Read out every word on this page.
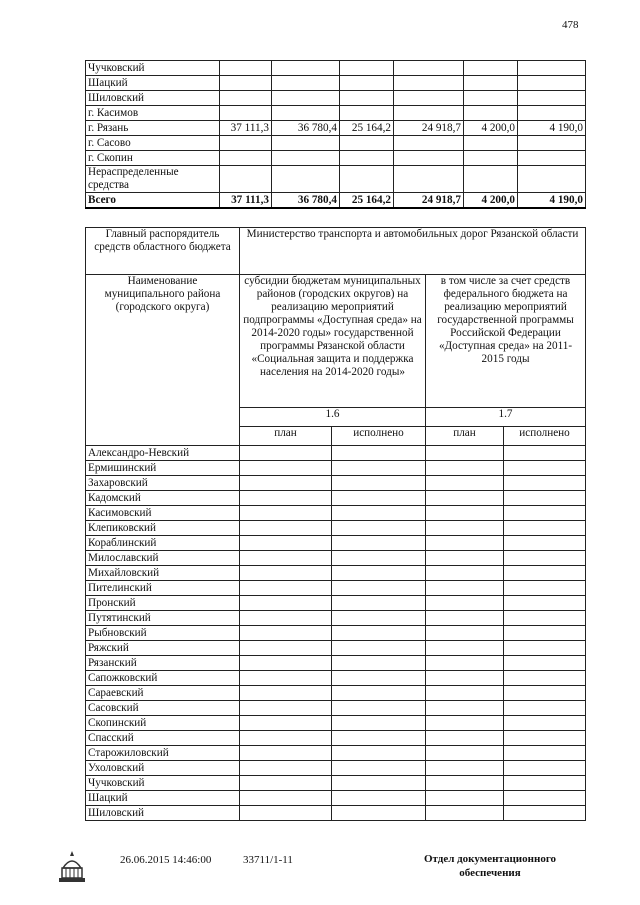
478
Чучковский						
Шацкий						
Шиловский						
г. Касимов						
г. Рязань	37 111,3	36 780,4	25 164,2	24 918,7	4 200,0	4 190,0
г. Сасово						
г. Скопин						
Нераспределенные средства						
Всего	37 111,3	36 780,4	25 164,2	24 918,7	4 200,0	4 190,0
Главный распорядитель средств областного бюджета	Министерство транспорта и автомобильных дорог Рязанской области			
Наименование муниципального района (городского округа)	субсидии бюджетам муниципальных районов (городских округов) на реализацию мероприятий подпрограммы «Доступная среда» на 2014-2020 годы» государственной программы Рязанской области «Социальная защита и поддержка населения на 2014-2020 годы»		в том числе за счет средств федерального бюджета на реализацию мероприятий государственной программы Российской Федерации «Доступная среда» на 2011-2015 годы	
	1.6		1.7	
	план	исполнено	план	исполнено
Александро-Невский				
Ермишинский				
Захаровский				
Кадомский				
Касимовский				
Клепиковский				
Кораблинский				
Милославский				
Михайловский				
Пителинский				
Пронский				
Путятинский				
Рыбновский				
Ряжский				
Рязанский				
Сапожковский				
Сараевский				
Сасовский				
Скопинский				
Спасский				
Старожиловский				
Ухоловский				
Чучковский				
Шацкий				
Шиловский				
26.06.2015 14:46:00	33711/1-11	Отдел документационного
обеспечения
